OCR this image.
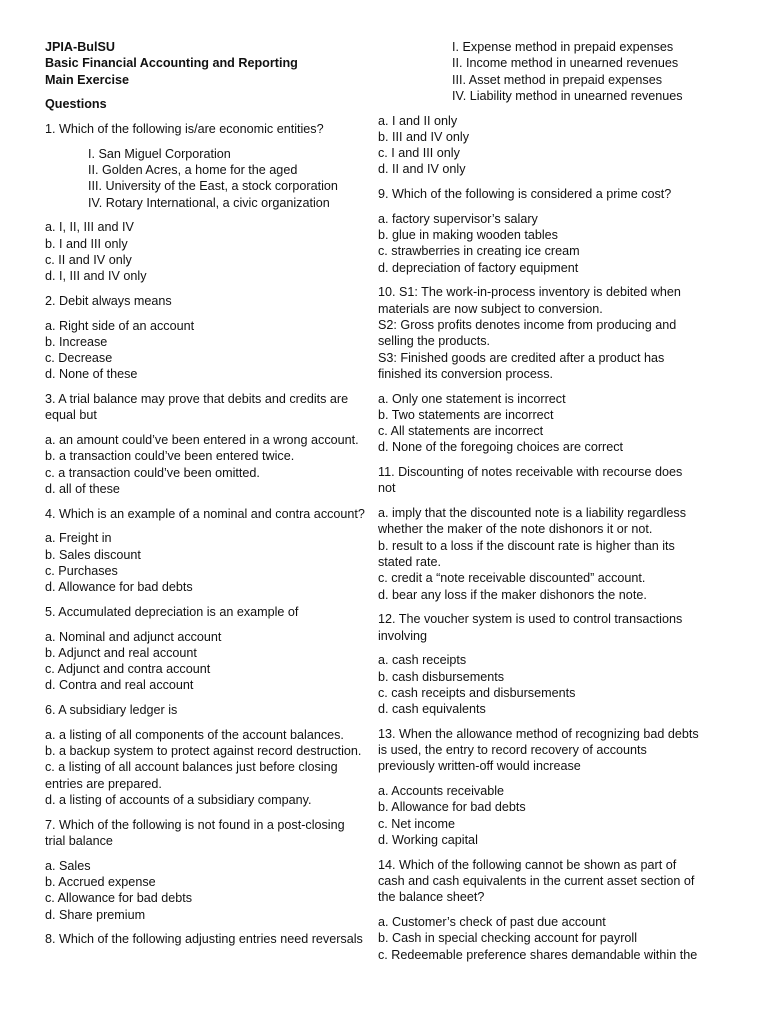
JPIA-BulSU
Basic Financial Accounting and Reporting
Main Exercise
Questions
1. Which of the following is/are economic entities?
I. San Miguel Corporation
II. Golden Acres, a home for the aged
III. University of the East, a stock corporation
IV. Rotary International, a civic organization
a. I, II, III and IV
b. I and III only
c. II and IV only
d. I, III and IV only
2. Debit always means
a. Right side of an account
b. Increase
c. Decrease
d. None of these
3. A trial balance may prove that debits and credits are
equal but
a. an amount could’ve been entered in a wrong account.
b. a transaction could’ve been entered twice.
c. a transaction could’ve been omitted.
d. all of these
4. Which is an example of a nominal and contra account?
a. Freight in
b. Sales discount
c. Purchases
d. Allowance for bad debts
5. Accumulated depreciation is an example of
a. Nominal and adjunct account
b. Adjunct and real account
c. Adjunct and contra account
d. Contra and real account
6. A subsidiary ledger is
a. a listing of all components of the account balances.
b. a backup system to protect against record destruction.
c. a listing of all account balances just before closing
entries are prepared.
d. a listing of accounts of a subsidiary company.
7. Which of the following is not found in a post-closing
trial balance
a. Sales
b. Accrued expense
c. Allowance for bad debts
d. Share premium
8. Which of the following adjusting entries need reversals
I. Expense method in prepaid expenses
II. Income method in unearned revenues
III. Asset method in prepaid expenses
IV. Liability method in unearned revenues
a. I and II only
b. III and IV only
c. I and III only
d. II and IV only
9. Which of the following is considered a prime cost?
a. factory supervisor’s salary
b. glue in making wooden tables
c. strawberries in creating ice cream
d. depreciation of factory equipment
10. S1: The work-in-process inventory is debited when
materials are now subject to conversion.
S2: Gross profits denotes income from producing and
selling the products.
S3: Finished goods are credited after a product has
finished its conversion process.
a. Only one statement is incorrect
b. Two statements are incorrect
c. All statements are incorrect
d. None of the foregoing choices are correct
11. Discounting of notes receivable with recourse does
not
a. imply that the discounted note is a liability regardless
whether the maker of the note dishonors it or not.
b. result to a loss if the discount rate is higher than its
stated rate.
c. credit a “note receivable discounted” account.
d. bear any loss if the maker dishonors the note.
12. The voucher system is used to control transactions
involving
a. cash receipts
b. cash disbursements
c. cash receipts and disbursements
d. cash equivalents
13. When the allowance method of recognizing bad debts
is used, the entry to record recovery of accounts
previously written-off would increase
a. Accounts receivable
b. Allowance for bad debts
c. Net income
d. Working capital
14. Which of the following cannot be shown as part of
cash and cash equivalents in the current asset section of
the balance sheet?
a. Customer’s check of past due account
b. Cash in special checking account for payroll
c. Redeemable preference shares demandable within the
